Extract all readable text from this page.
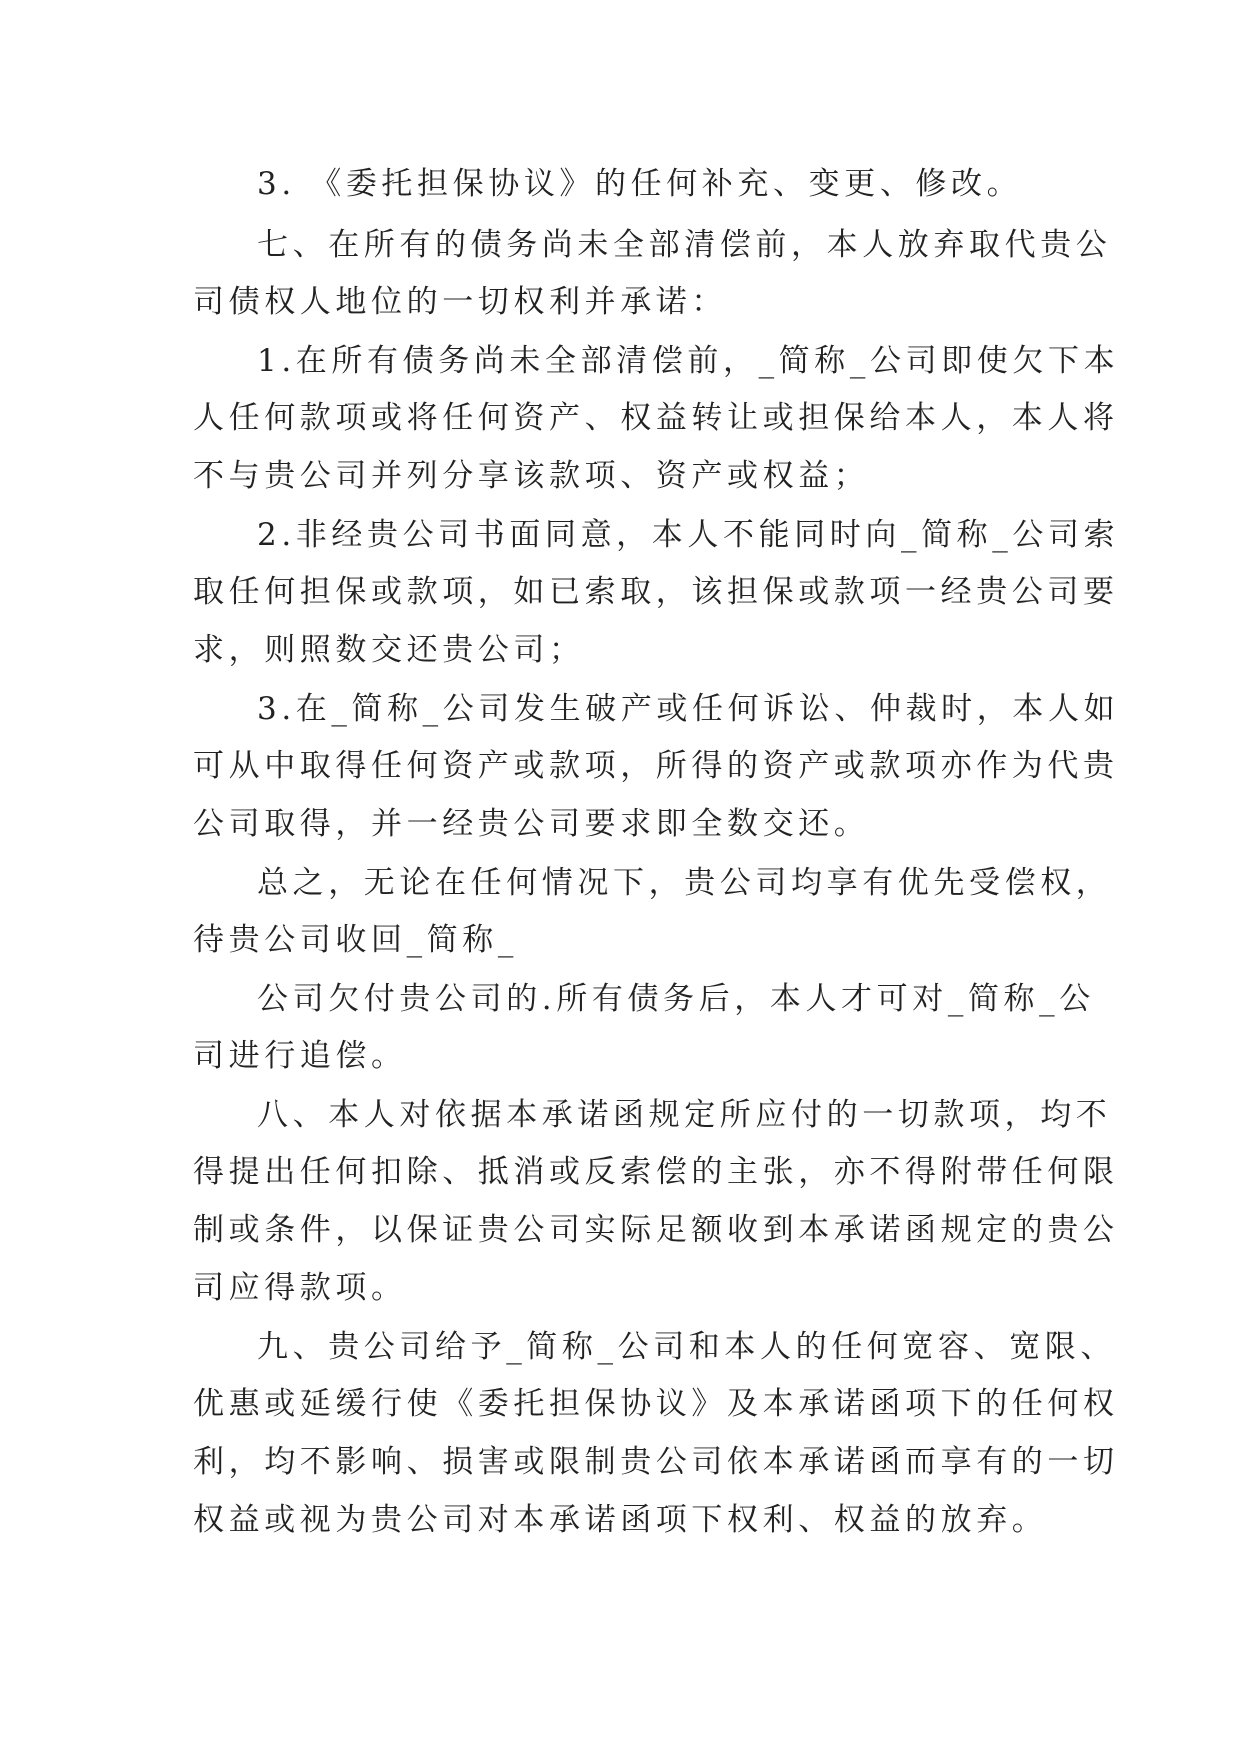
3. 《委托担保协议》的任何补充、变更、修改。
七、在所有的债务尚未全部清偿前，本人放弃取代贵公
司债权人地位的一切权利并承诺：
1.在所有债务尚未全部清偿前，_简称_公司即使欠下本
人任何款项或将任何资产、权益转让或担保给本人，本人将
不与贵公司并列分享该款项、资产或权益；
2.非经贵公司书面同意，本人不能同时向_简称_公司索
取任何担保或款项，如已索取，该担保或款项一经贵公司要
求，则照数交还贵公司；
3.在_简称_公司发生破产或任何诉讼、仲裁时，本人如
可从中取得任何资产或款项，所得的资产或款项亦作为代贵
公司取得，并一经贵公司要求即全数交还。
总之，无论在任何情况下，贵公司均享有优先受偿权，
待贵公司收回_简称_
公司欠付贵公司的.所有债务后，本人才可对_简称_公
司进行追偿。
八、本人对依据本承诺函规定所应付的一切款项，均不
得提出任何扣除、抵消或反索偿的主张，亦不得附带任何限
制或条件，以保证贵公司实际足额收到本承诺函规定的贵公
司应得款项。
九、贵公司给予_简称_公司和本人的任何宽容、宽限、
优惠或延缓行使《委托担保协议》及本承诺函项下的任何权
利，均不影响、损害或限制贵公司依本承诺函而享有的一切
权益或视为贵公司对本承诺函项下权利、权益的放弃。
